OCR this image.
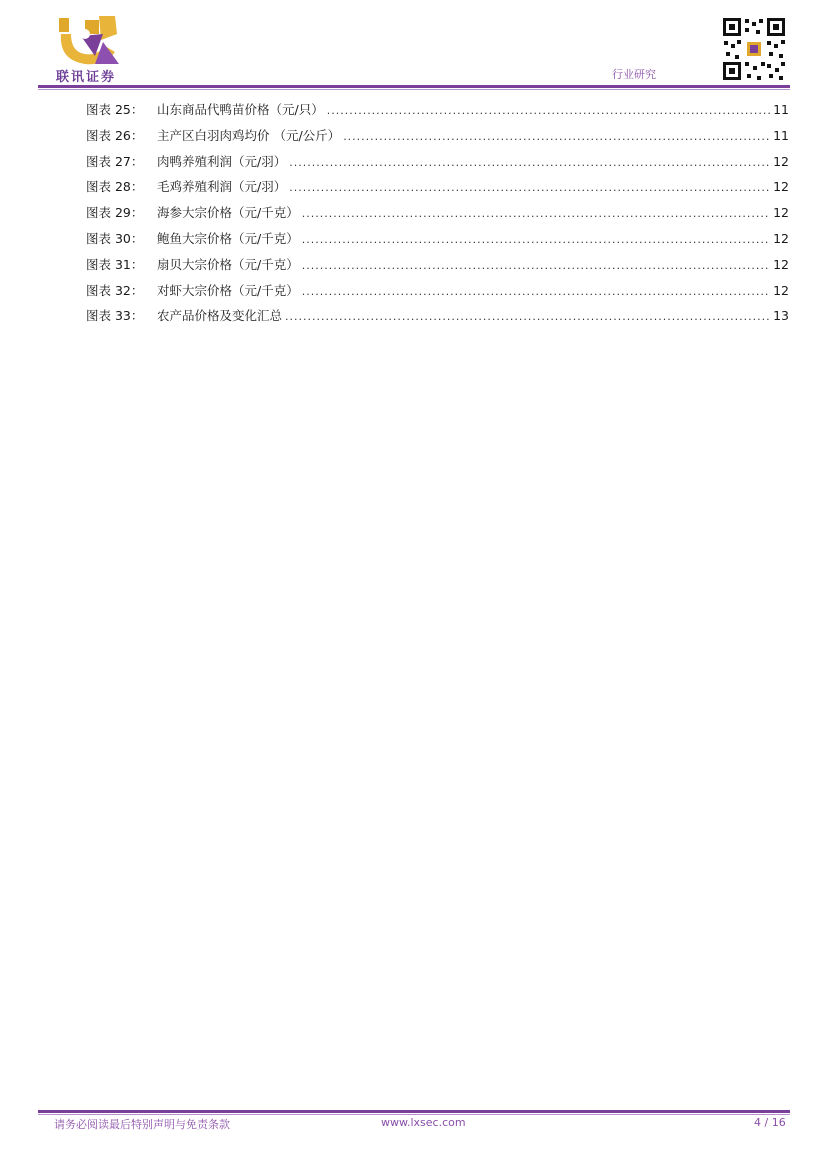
联讯证券	行业研究
图表 25：	山东商品代鸭苗价格（元/只） .....	11
图表 26：	主产区白羽肉鸡均价 （元/公斤） .....	11
图表 27：	肉鸭养殖利润（元/羽） .....	12
图表 28：	毛鸡养殖利润（元/羽） .....	12
图表 29：	海参大宗价格（元/千克） .....	12
图表 30：	鲍鱼大宗价格（元/千克） .....	12
图表 31：	扇贝大宗价格（元/千克） .....	12
图表 32：	对虾大宗价格（元/千克） .....	12
图表 33：	农产品价格及变化汇总 .....	13
请务必阅读最后特别声明与免责条款	www.lxsec.com	4 / 16
